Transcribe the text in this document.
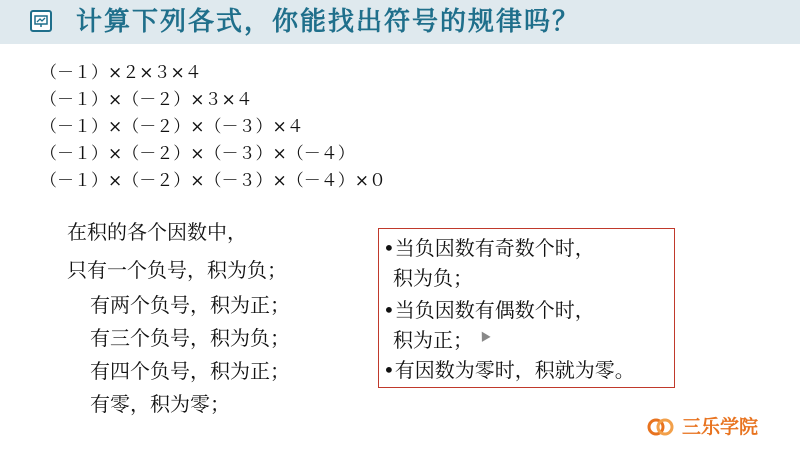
计算下列各式，你能找出符号的规律吗？
（－１）×２×３×４
（－１）×（－２）×３×４
（－１）×（－２）×（－３）×４
（－１）×（－２）×（－３）×（－４）
（－１）×（－２）×（－３）×（－４）×０
在积的各个因数中，
只有一个负号，积为负；
有两个负号，积为正；
有三个负号，积为负；
有四个负号，积为正；
有零，积为零；
•当负因数有奇数个时，
积为负；
•当负因数有偶数个时，
积为正；
•有因数为零时，积就为零。
三乐学院
